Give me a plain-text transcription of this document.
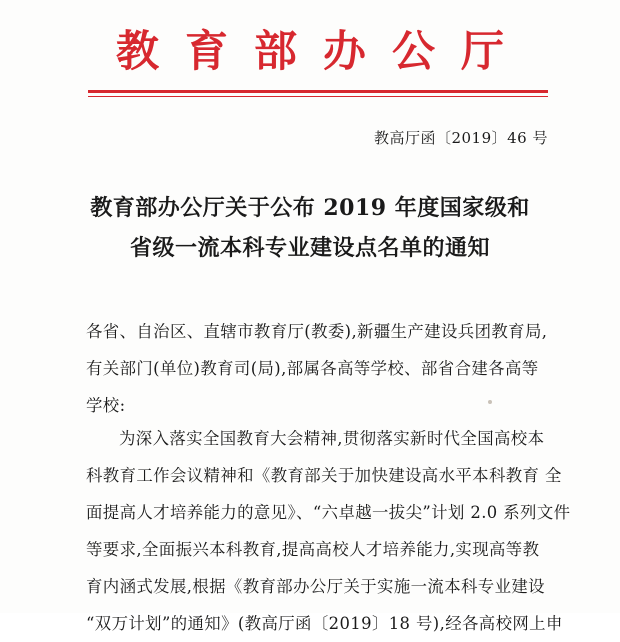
教育部办公厅
教高厅函〔2019〕46 号
教育部办公厅关于公布 2019 年度国家级和
省级一流本科专业建设点名单的通知
各省、自治区、直辖市教育厅(教委),新疆生产建设兵团教育局,
有关部门(单位)教育司(局),部属各高等学校、部省合建各高等
学校:
为深入落实全国教育大会精神,贯彻落实新时代全国高校本
科教育工作会议精神和《教育部关于加快建设高水平本科教育 全
面提高人才培养能力的意见》、“六卓越一拔尖”计划 2.0 系列文件
等要求,全面振兴本科教育,提高高校人才培养能力,实现高等教
育内涵式发展,根据《教育部办公厅关于实施一流本科专业建设
“双万计划”的通知》(教高厅函〔2019〕18 号),经各高校网上申
